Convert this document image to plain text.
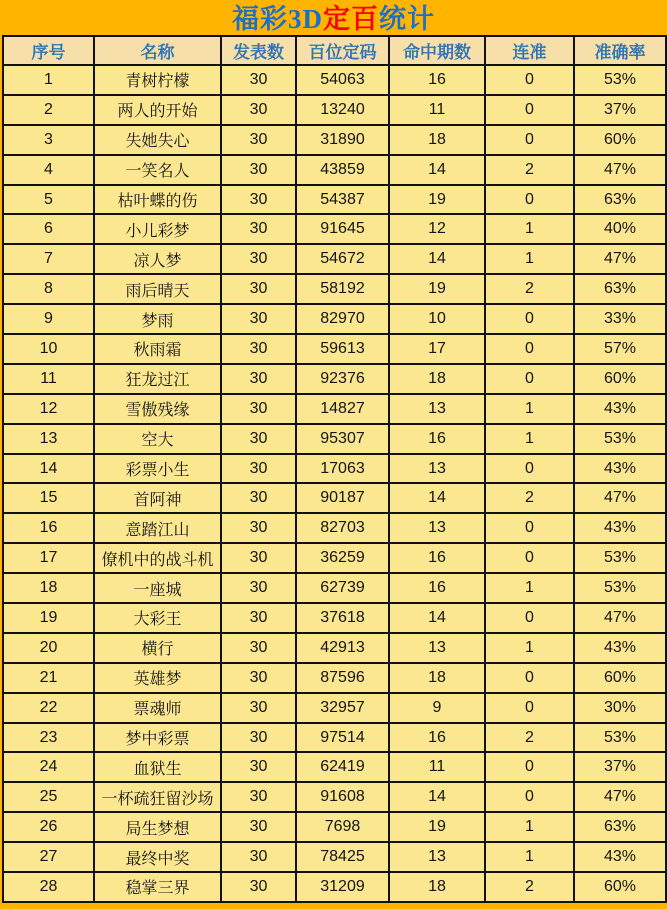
福彩3D定百统计
序号	名称	发表数	百位定码	命中期数	连准	准确率
1	青树柠檬	30	54063	16	0	53%
2	两人的开始	30	13240	11	0	37%
3	失她失心	30	31890	18	0	60%
4	一笑名人	30	43859	14	2	47%
5	枯叶蝶的伤	30	54387	19	0	63%
6	小儿彩梦	30	91645	12	1	40%
7	凉人梦	30	54672	14	1	47%
8	雨后晴天	30	58192	19	2	63%
9	梦雨	30	82970	10	0	33%
10	秋雨霜	30	59613	17	0	57%
11	狂龙过江	30	92376	18	0	60%
12	雪傲残缘	30	14827	13	1	43%
13	空大	30	95307	16	1	53%
14	彩票小生	30	17063	13	0	43%
15	首阿神	30	90187	14	2	47%
16	意踏江山	30	82703	13	0	43%
17	僚机中的战斗机	30	36259	16	0	53%
18	一座城	30	62739	16	1	53%
19	大彩王	30	37618	14	0	47%
20	横行	30	42913	13	1	43%
21	英雄梦	30	87596	18	0	60%
22	票魂师	30	32957	9	0	30%
23	梦中彩票	30	97514	16	2	53%
24	血狱生	30	62419	11	0	37%
25	一杯疏狂留沙场	30	91608	14	0	47%
26	局生梦想	30	7698	19	1	63%
27	最终中奖	30	78425	13	1	43%
28	稳掌三界	30	31209	18	2	60%
